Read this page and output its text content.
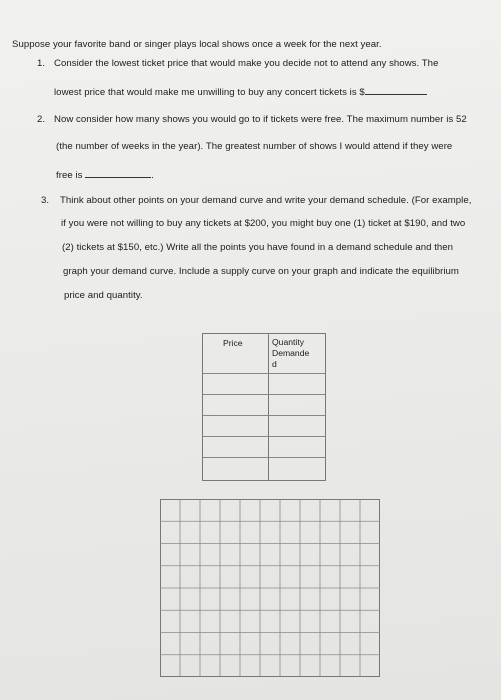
Suppose your favorite band or singer plays local shows once a week for the next year.
1. Consider the lowest ticket price that would make you decide not to attend any shows. The
lowest price that would make me unwilling to buy any concert tickets is $
2. Now consider how many shows you would go to if tickets were free. The maximum number is 52
(the number of weeks in the year). The greatest number of shows I would attend if they were
free is	.
3. Think about other points on your demand curve and write your demand schedule. (For example,
if you were not willing to buy any tickets at $200, you might buy one (1) ticket at $190, and two
(2) tickets at $150, etc.) Write all the points you have found in a demand schedule and then
graph your demand curve. Include a supply curve on your graph and indicate the equilibrium
price and quantity.
Price	Quantity
Demande
d
